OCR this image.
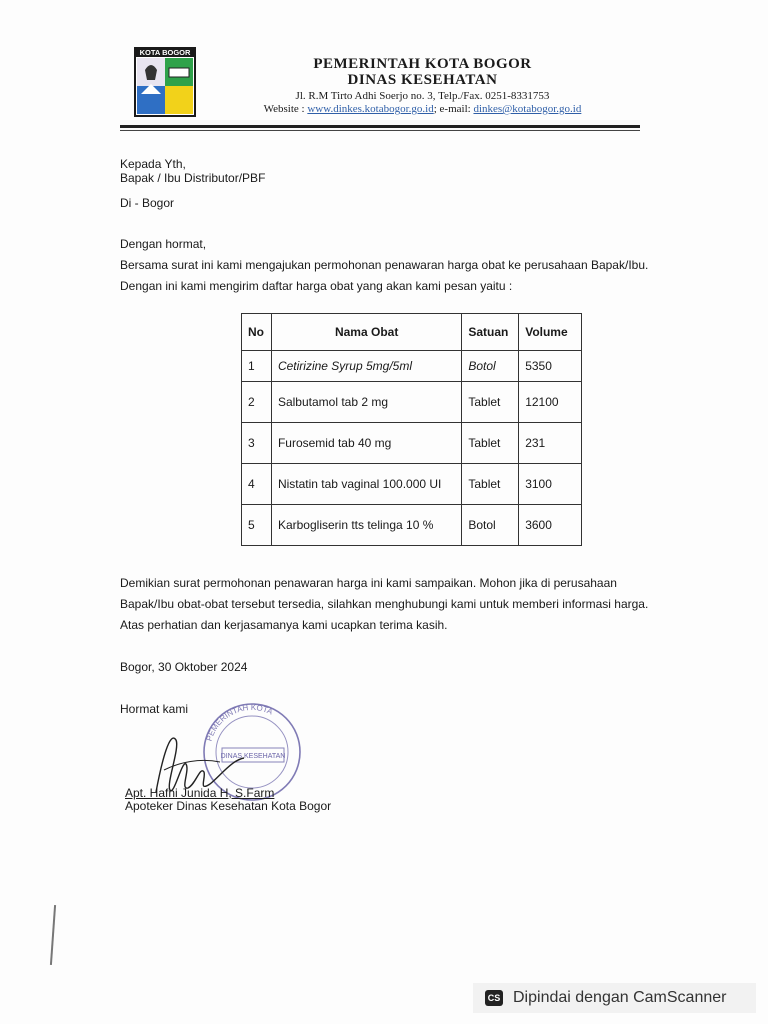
KOTA BOGOR
PEMERINTAH KOTA BOGOR
DINAS KESEHATAN
Jl. R.M Tirto Adhi Soerjo no. 3, Telp./Fax. 0251-8331753
Website : www.dinkes.kotabogor.go.id; e-mail: dinkes@kotabogor.go.id
Kepada Yth,
Bapak / Ibu Distributor/PBF
Di - Bogor
Dengan hormat,
Bersama surat ini kami mengajukan permohonan penawaran harga obat ke perusahaan Bapak/Ibu.
Dengan ini kami mengirim daftar harga obat yang akan kami pesan yaitu :
No	Nama Obat	Satuan	Volume
1	Cetirizine Syrup 5mg/5ml	Botol	5350
2	Salbutamol tab 2 mg	Tablet	12100
3	Furosemid tab 40 mg	Tablet	231
4	Nistatin tab vaginal 100.000 UI	Tablet	3100
5	Karbogliserin tts telinga 10 %	Botol	3600
Demikian surat permohonan penawaran harga ini kami sampaikan. Mohon jika di perusahaan
Bapak/Ibu obat-obat tersebut tersedia, silahkan menghubungi kami untuk memberi informasi harga.
Atas perhatian dan kerjasamanya kami ucapkan terima kasih.
Bogor, 30 Oktober 2024
Hormat kami
PEMERINTAH KOTA
DINAS KESEHATAN
Apt. Hafni Junida H, S.Farm
Apoteker Dinas Kesehatan Kota Bogor
CS Dipindai dengan CamScanner
